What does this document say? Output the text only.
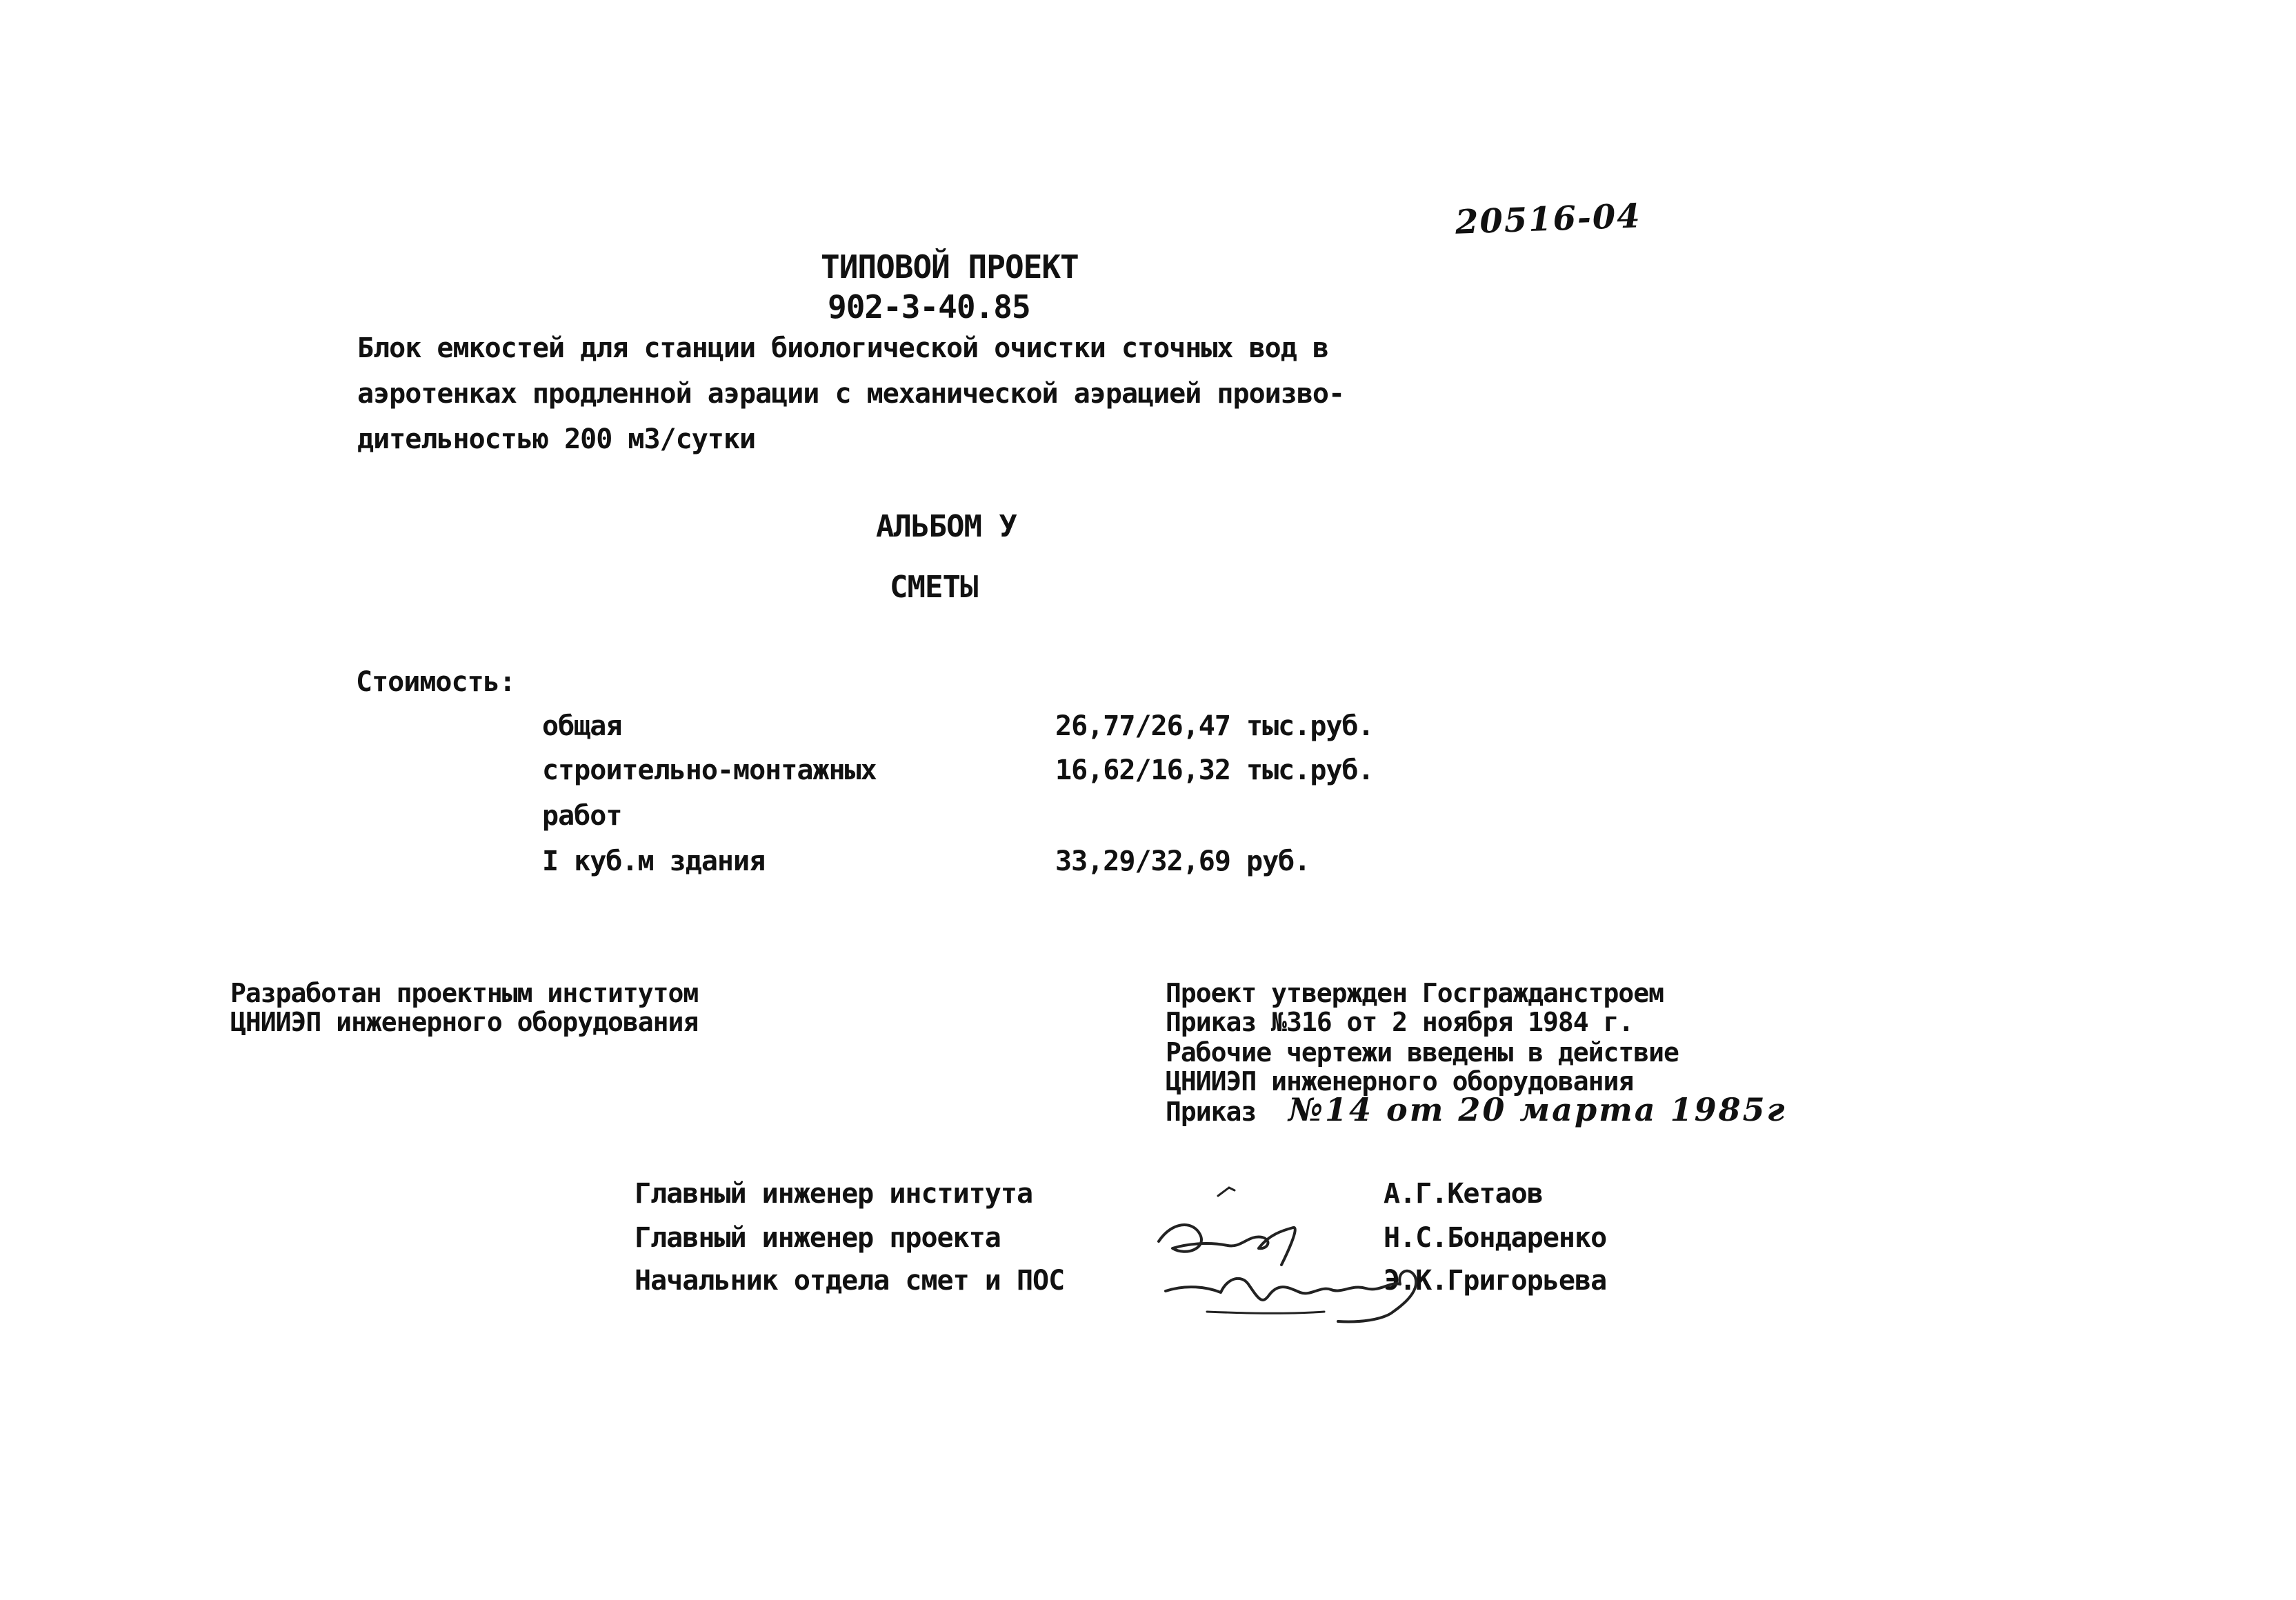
20516-04
ТИПОВОЙ ПРОЕКТ
902-3-40.85
Блок емкостей для станции биологической очистки сточных вод в
аэротенках продленной аэрации с механической аэрацией произво-
дительностью 200 м3/сутки
АЛЬБОМ У
СМЕТЫ
Стоимость:
общая	26,77/26,47 тыс.руб.
строительно-монтажных	16,62/16,32 тыс.руб.
работ
I куб.м здания	33,29/32,69 руб.
Разработан проектным институтом
ЦНИИЭП инженерного оборудования
Проект утвержден Госгражданстроем
Приказ №316 от 2 ноября 1984 г.
Рабочие чертежи введены в действие
ЦНИИЭП инженерного оборудования
Приказ №14 от 20 марта 1985г
Главный инженер института	А.Г.Кетаов
Главный инженер проекта	Н.С.Бондаренко
Начальник отдела смет и ПОС	Э.К.Григорьева
